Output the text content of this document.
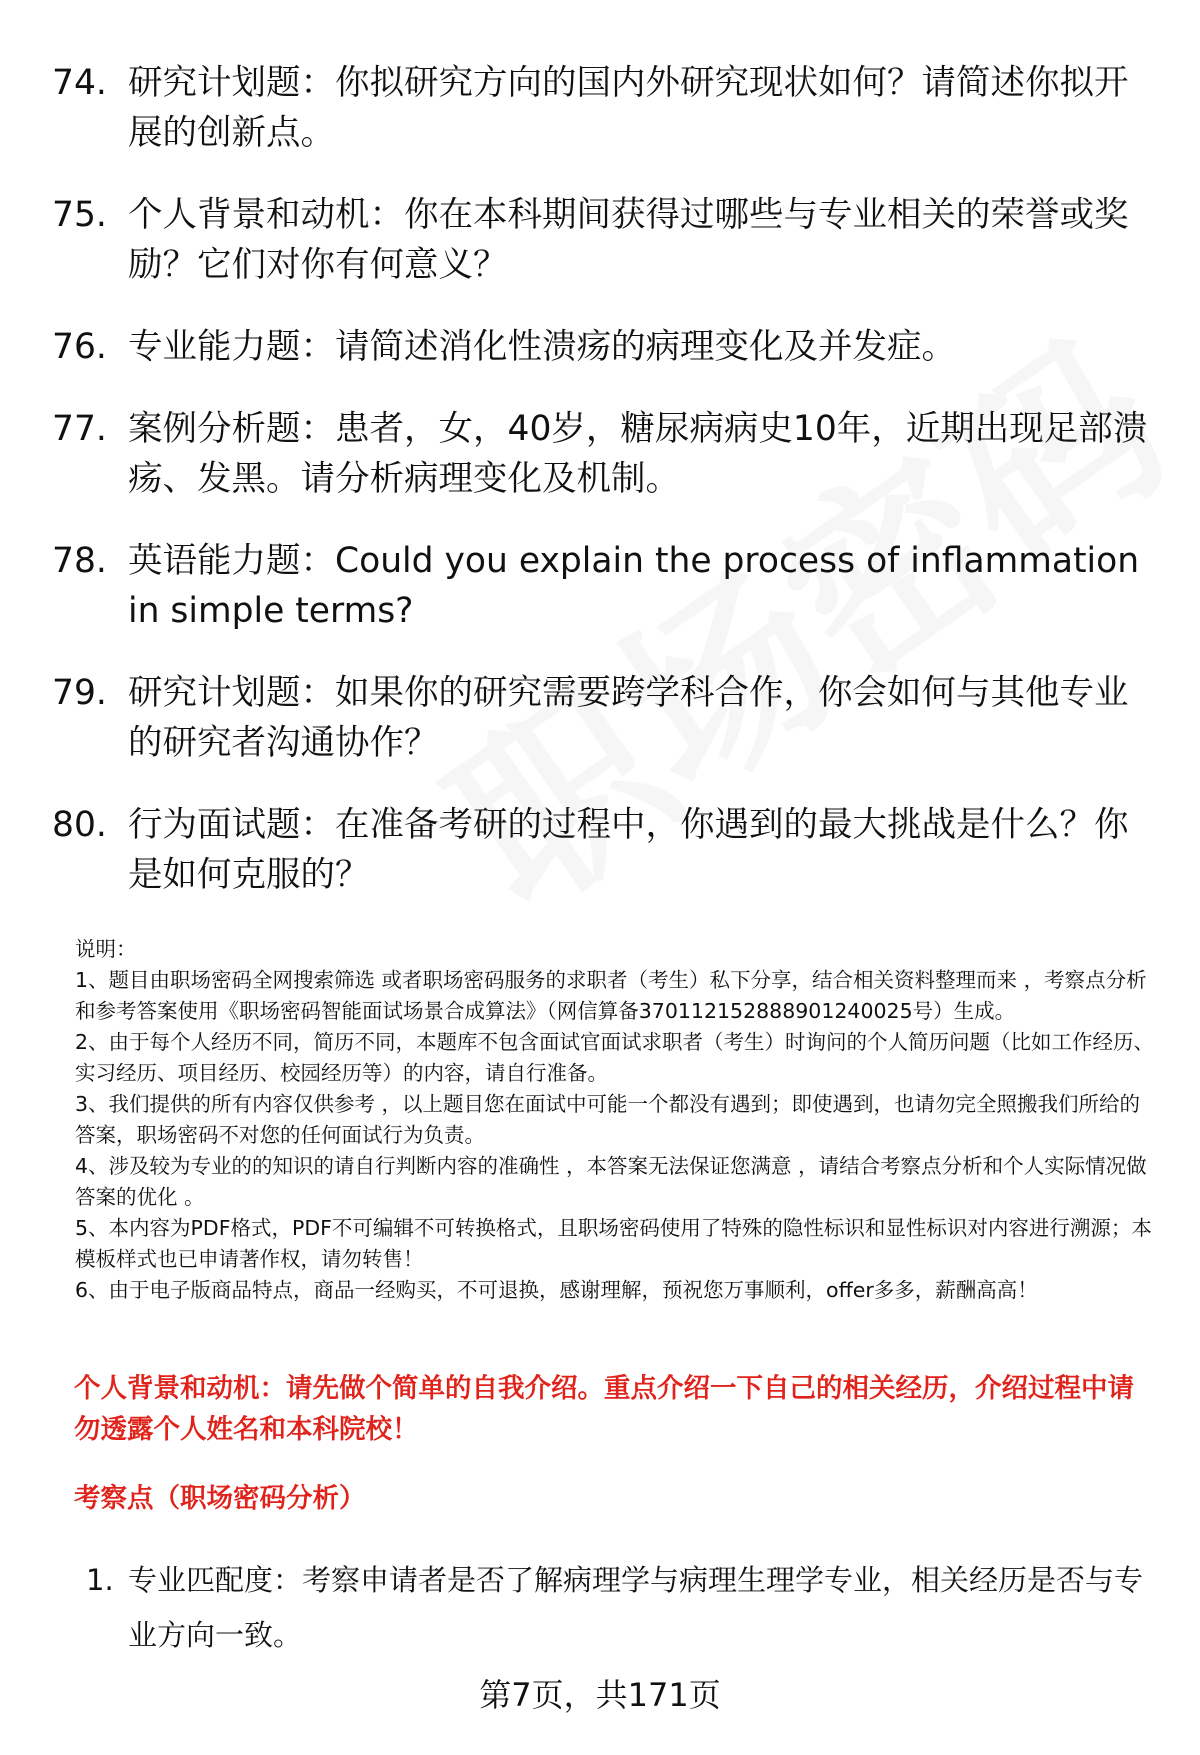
74. 研究计划题：你拟研究方向的国内外研究现状如何？请简述你拟开展的创新点。
75. 个人背景和动机：你在本科期间获得过哪些与专业相关的荣誉或奖励？它们对你有何意义？
76. 专业能力题：请简述消化性溃疡的病理变化及并发症。
77. 案例分析题：患者，女，40岁，糖尿病病史10年，近期出现足部溃疡、发黑。请分析病理变化及机制。
78. 英语能力题：Could you explain the process of inflammation in simple terms?
79. 研究计划题：如果你的研究需要跨学科合作，你会如何与其他专业的研究者沟通协作？
80. 行为面试题：在准备考研的过程中，你遇到的最大挑战是什么？你是如何克服的？
说明：
1、题目由职场密码全网搜索筛选 或者职场密码服务的求职者（考生）私下分享，结合相关资料整理而来 ，考察点分析和参考答案使用《职场密码智能面试场景合成算法》（网信算备370112152888901240025号）生成。
2、由于每个人经历不同，简历不同，本题库不包含面试官面试求职者（考生）时询问的个人简历问题（比如工作经历、实习经历、项目经历、校园经历等）的内容，请自行准备。
3、我们提供的所有内容仅供参考 ，以上题目您在面试中可能一个都没有遇到；即使遇到，也请勿完全照搬我们所给的答案，职场密码不对您的任何面试行为负责。
4、涉及较为专业的的知识的请自行判断内容的准确性 ，本答案无法保证您满意 ，请结合考察点分析和个人实际情况做答案的优化 。
5、本内容为PDF格式，PDF不可编辑不可转换格式，且职场密码使用了特殊的隐性标识和显性标识对内容进行溯源；本模板样式也已申请著作权，请勿转售！
6、由于电子版商品特点，商品一经购买，不可退换，感谢理解，预祝您万事顺利，offer多多，薪酬高高！
个人背景和动机：请先做个简单的自我介绍。重点介绍一下自己的相关经历，介绍过程中请勿透露个人姓名和本科院校！
考察点（职场密码分析）
1. 专业匹配度：考察申请者是否了解病理学与病理生理学专业，相关经历是否与专业方向一致。
第7页，共171页
